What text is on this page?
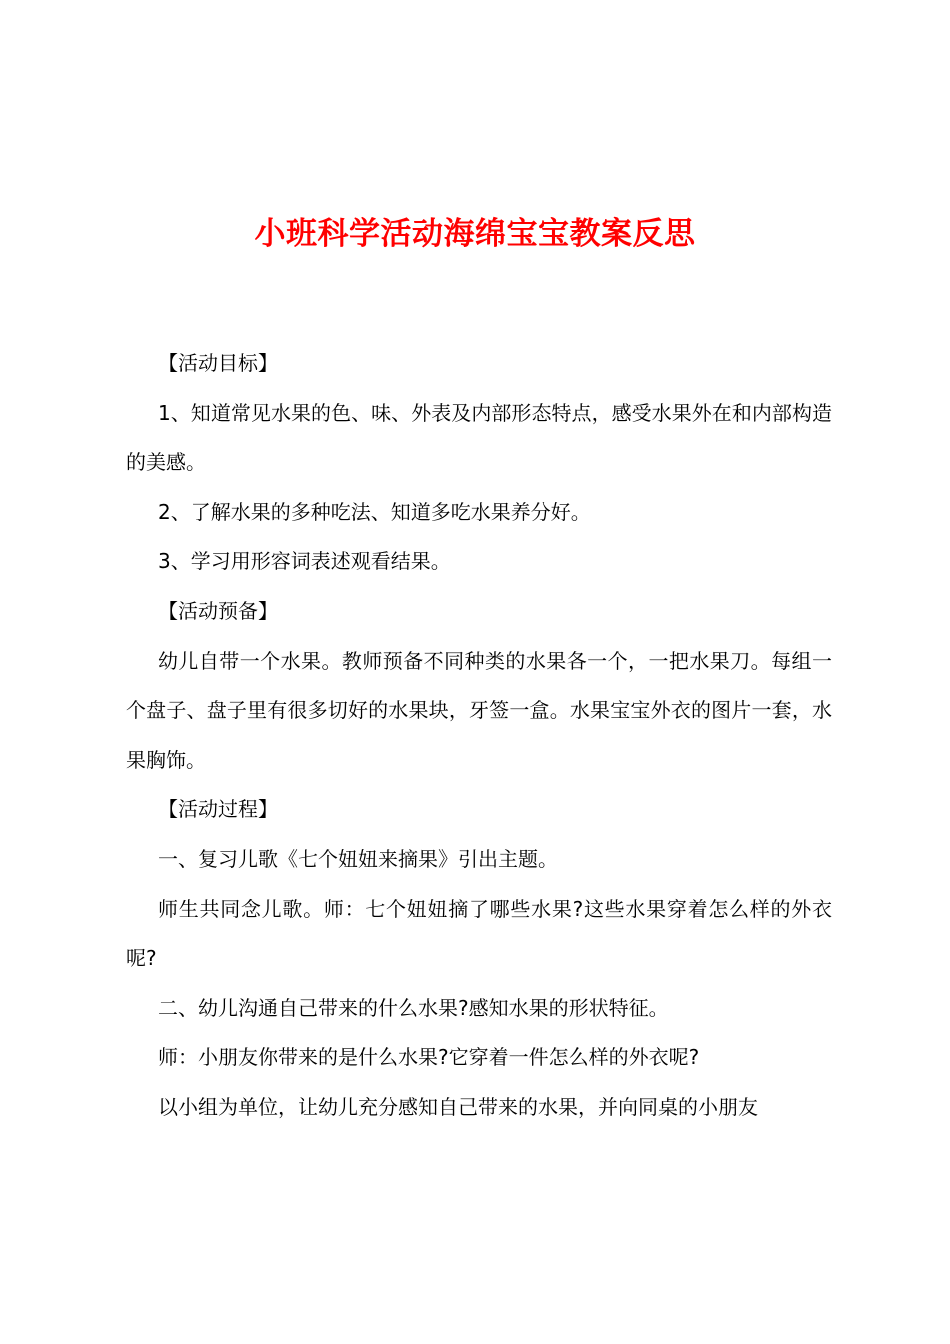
小班科学活动海绵宝宝教案反思

【活动目标】

1、知道常见水果的色、味、外表及内部形态特点，感受水果外在和内部构造的美感。

2、了解水果的多种吃法、知道多吃水果养分好。

3、学习用形容词表述观看结果。

【活动预备】

幼儿自带一个水果。教师预备不同种类的水果各一个，一把水果刀。每组一个盘子、盘子里有很多切好的水果块，牙签一盒。水果宝宝外衣的图片一套，水果胸饰。

【活动过程】

一、复习儿歌《七个妞妞来摘果》引出主题。

师生共同念儿歌。师：七个妞妞摘了哪些水果?这些水果穿着怎么样的外衣呢?

二、幼儿沟通自己带来的什么水果?感知水果的形状特征。

师：小朋友你带来的是什么水果?它穿着一件怎么样的外衣呢?

以小组为单位，让幼儿充分感知自己带来的水果，并向同桌的小朋友
